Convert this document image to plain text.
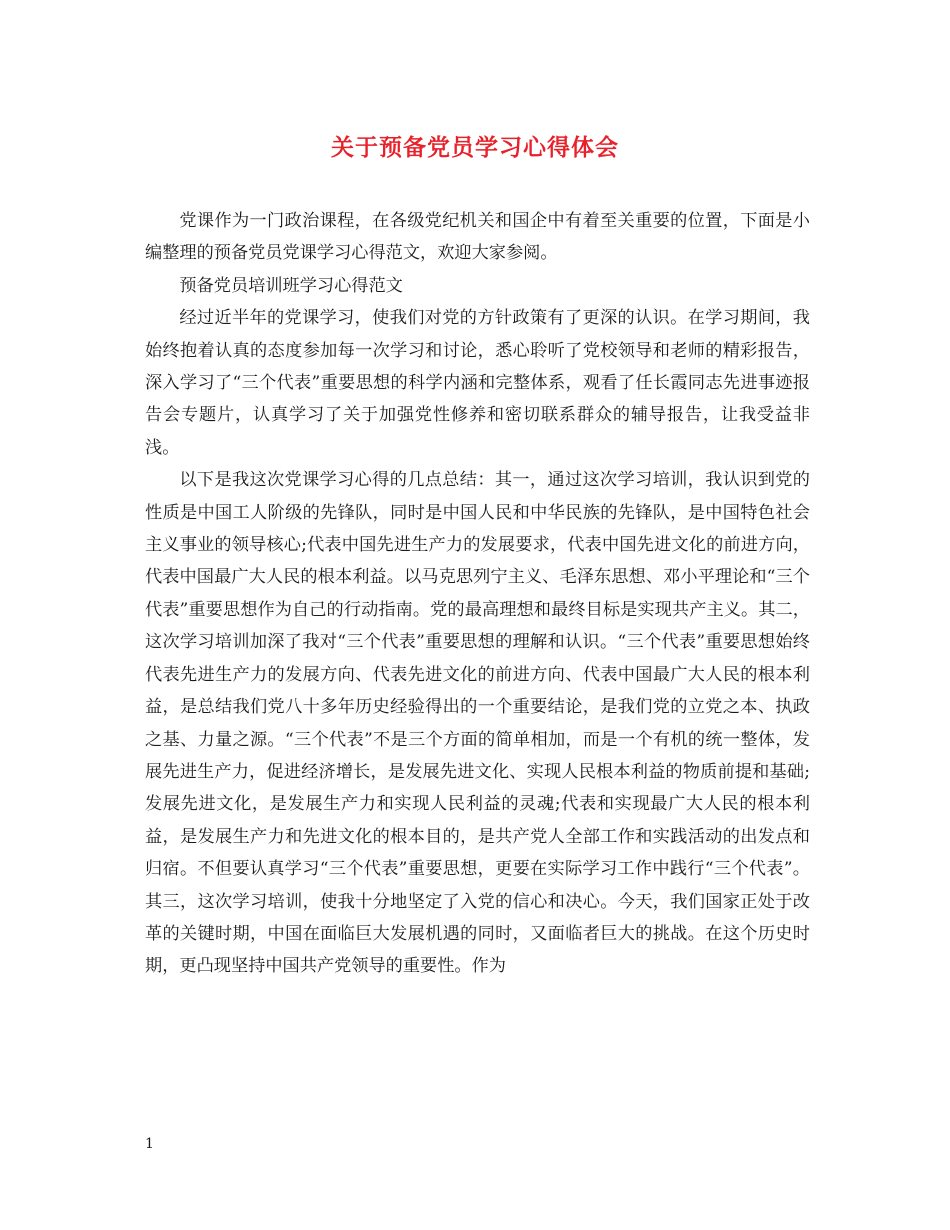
关于预备党员学习心得体会

党课作为一门政治课程，在各级党纪机关和国企中有着至关重要的位置，下面是小编整理的预备党员党课学习心得范文，欢迎大家参阅。

预备党员培训班学习心得范文

经过近半年的党课学习，使我们对党的方针政策有了更深的认识。在学习期间，我始终抱着认真的态度参加每一次学习和讨论，悉心聆听了党校领导和老师的精彩报告，深入学习了“三个代表”重要思想的科学内涵和完整体系，观看了任长霞同志先进事迹报告会专题片，认真学习了关于加强党性修养和密切联系群众的辅导报告，让我受益非浅。

以下是我这次党课学习心得的几点总结：其一，通过这次学习培训，我认识到党的性质是中国工人阶级的先锋队，同时是中国人民和中华民族的先锋队，是中国特色社会主义事业的领导核心;代表中国先进生产力的发展要求，代表中国先进文化的前进方向，代表中国最广大人民的根本利益。以马克思列宁主义、毛泽东思想、邓小平理论和“三个代表”重要思想作为自己的行动指南。党的最高理想和最终目标是实现共产主义。其二，这次学习培训加深了我对“三个代表”重要思想的理解和认识。“三个代表”重要思想始终代表先进生产力的发展方向、代表先进文化的前进方向、代表中国最广大人民的根本利益，是总结我们党八十多年历史经验得出的一个重要结论，是我们党的立党之本、执政之基、力量之源。“三个代表”不是三个方面的简单相加，而是一个有机的统一整体，发展先进生产力，促进经济增长，是发展先进文化、实现人民根本利益的物质前提和基础;发展先进文化，是发展生产力和实现人民利益的灵魂;代表和实现最广大人民的根本利益，是发展生产力和先进文化的根本目的，是共产党人全部工作和实践活动的出发点和归宿。不但要认真学习“三个代表”重要思想，更要在实际学习工作中践行“三个代表”。其三，这次学习培训，使我十分地坚定了入党的信心和决心。今天，我们国家正处于改革的关键时期，中国在面临巨大发展机遇的同时，又面临者巨大的挑战。在这个历史时期，更凸现坚持中国共产党领导的重要性。作为

1
